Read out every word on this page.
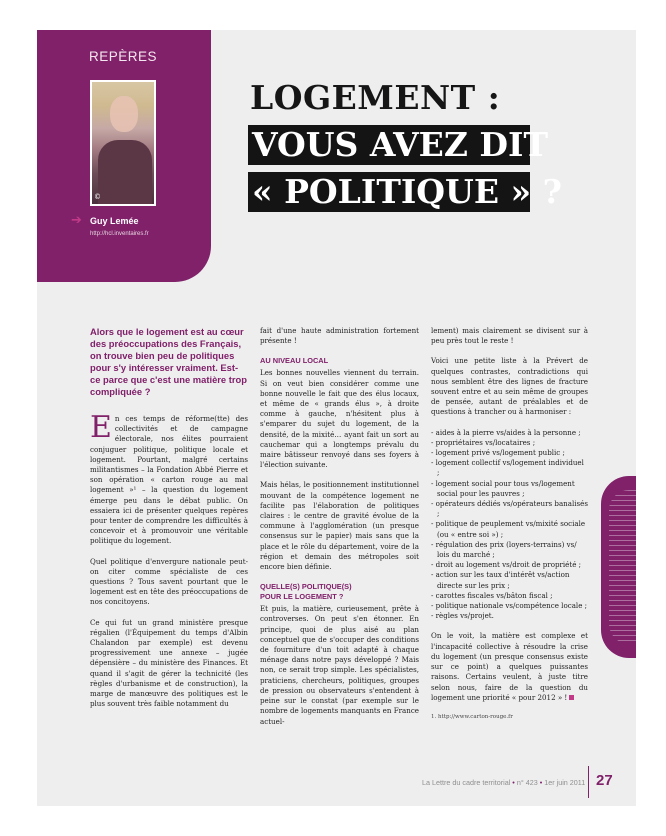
REPÈRES
©
➔ Guy Lemée
http://hcl.inventaires.fr
LOGEMENT :
VOUS AVEZ DIT
« POLITIQUE » ?
Alors que le logement est au cœur des préoccupations des Français, on trouve bien peu de politiques pour s'y intéresser vraiment. Est-ce parce que c'est une matière trop compliquée ?

En ces temps de réforme(tte) des collectivités et de campagne électorale, nos élites pourraient conjuguer politique, politique locale et logement. Pourtant, malgré certains militantismes – la Fondation Abbé Pierre et son opération « carton rouge au mal logement »¹ – la question du logement émerge peu dans le débat public. On essaiera ici de présenter quelques repères pour tenter de comprendre les difficultés à concevoir et à promouvoir une véritable politique du logement.

Quel politique d'envergure nationale peut-on citer comme spécialiste de ces questions ? Tous savent pourtant que le logement est en tête des préoccupations de nos concitoyens.

Ce qui fut un grand ministère presque régalien (l'Équipement du temps d'Albin Chalandon par exemple) est devenu progressivement une annexe – jugée dépensière – du ministère des Finances. Et quand il s'agit de gérer la technicité (les règles d'urbanisme et de construction), la marge de manœuvre des politiques est le plus souvent très faible notamment du

fait d'une haute administration fortement présente !

AU NIVEAU LOCAL

Les bonnes nouvelles viennent du terrain. Si on veut bien considérer comme une bonne nouvelle le fait que des élus locaux, et même de « grands élus », à droite comme à gauche, n'hésitent plus à s'emparer du sujet du logement, de la densité, de la mixité… ayant fait un sort au cauchemar qui a longtemps prévalu du maire bâtisseur renvoyé dans ses foyers à l'élection suivante.

Mais hélas, le positionnement institutionnel mouvant de la compétence logement ne facilite pas l'élaboration de politiques claires : le centre de gravité évolue de la commune à l'agglomération (un presque consensus sur le papier) mais sans que la place et le rôle du département, voire de la région et demain des métropoles soit encore bien définie.

QUELLE(S) POLITIQUE(S)
POUR LE LOGEMENT ?

Et puis, la matière, curieusement, prête à controverses. On peut s'en étonner. En principe, quoi de plus aisé au plan conceptuel que de s'occuper des conditions de fourniture d'un toit adapté à chaque ménage dans notre pays développé ? Mais non, ce serait trop simple. Les spécialistes, praticiens, chercheurs, politiques, groupes de pression ou observateurs s'entendent à peine sur le constat (par exemple sur le nombre de logements manquants en France actuel-

lement) mais clairement se divisent sur à peu près tout le reste !

Voici une petite liste à la Prévert de quelques contrastes, contradictions qui nous semblent être des lignes de fracture souvent entre et au sein même de groupes de pensée, autant de préalables et de questions à trancher ou à harmoniser :

- aides à la pierre vs/aides à la personne ;
- propriétaires vs/locataires ;
- logement privé vs/logement public ;
- logement collectif vs/logement individuel ;
- logement social pour tous vs/logement social pour les pauvres ;
- opérateurs dédiés vs/opérateurs banalisés ;
- politique de peuplement vs/mixité sociale (ou « entre soi ») ;
- régulation des prix (loyers-terrains) vs/ lois du marché ;
- droit au logement vs/droit de propriété ;
- action sur les taux d'intérêt vs/action directe sur les prix ;
- carottes fiscales vs/bâton fiscal ;
- politique nationale vs/compétence locale ;
- règles vs/projet.

On le voit, la matière est complexe et l'incapacité collective à résoudre la crise du logement (un presque consensus existe sur ce point) a quelques puissantes raisons. Certains veulent, à juste titre selon nous, faire de la question du logement une priorité « pour 2012 » !

1. http://www.carton-rouge.fr
La Lettre du cadre territorial • n° 423 • 1er juin 2011 27
